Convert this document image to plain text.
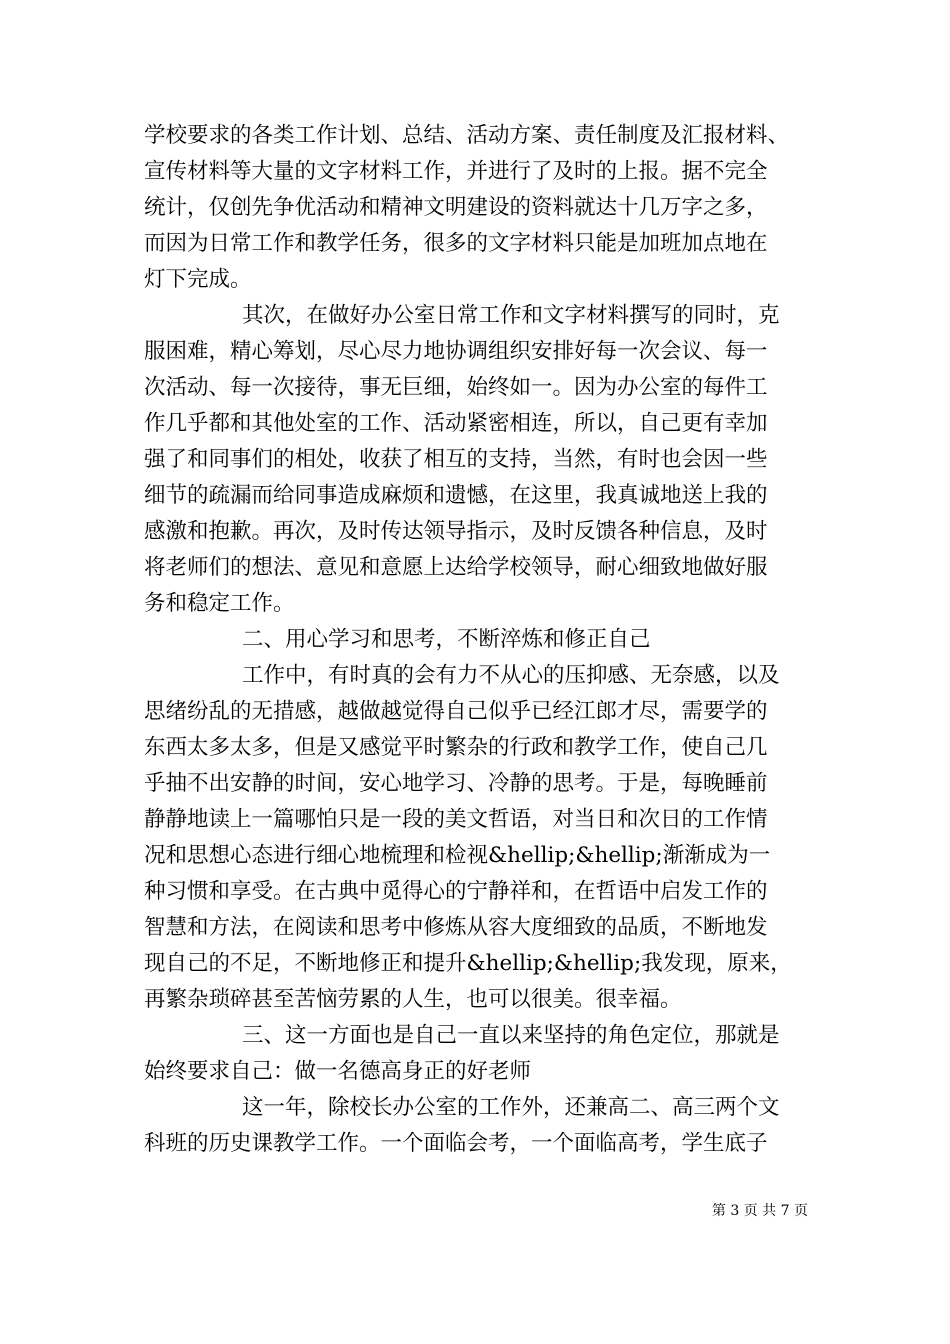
学校要求的各类工作计划、总结、活动方案、责任制度及汇报材料、
宣传材料等大量的文字材料工作，并进行了及时的上报。据不完全
统计，仅创先争优活动和精神文明建设的资料就达十几万字之多，
而因为日常工作和教学任务，很多的文字材料只能是加班加点地在
灯下完成。
其次，在做好办公室日常工作和文字材料撰写的同时，克
服困难，精心筹划，尽心尽力地协调组织安排好每一次会议、每一
次活动、每一次接待，事无巨细，始终如一。因为办公室的每件工
作几乎都和其他处室的工作、活动紧密相连，所以，自己更有幸加
强了和同事们的相处，收获了相互的支持，当然，有时也会因一些
细节的疏漏而给同事造成麻烦和遗憾，在这里，我真诚地送上我的
感激和抱歉。再次，及时传达领导指示，及时反馈各种信息，及时
将老师们的想法、意见和意愿上达给学校领导，耐心细致地做好服
务和稳定工作。
二、用心学习和思考，不断淬炼和修正自己
工作中，有时真的会有力不从心的压抑感、无奈感，以及
思绪纷乱的无措感，越做越觉得自己似乎已经江郎才尽，需要学的
东西太多太多，但是又感觉平时繁杂的行政和教学工作，使自己几
乎抽不出安静的时间，安心地学习、冷静的思考。于是，每晚睡前
静静地读上一篇哪怕只是一段的美文哲语，对当日和次日的工作情
况和思想心态进行细心地梳理和检视&hellip;&hellip;渐渐成为一
种习惯和享受。在古典中觅得心的宁静祥和，在哲语中启发工作的
智慧和方法，在阅读和思考中修炼从容大度细致的品质，不断地发
现自己的不足，不断地修正和提升&hellip;&hellip;我发现，原来，
再繁杂琐碎甚至苦恼劳累的人生，也可以很美。很幸福。
三、这一方面也是自己一直以来坚持的角色定位，那就是
始终要求自己：做一名德高身正的好老师
这一年，除校长办公室的工作外，还兼高二、高三两个文
科班的历史课教学工作。一个面临会考，一个面临高考，学生底子
第 3 页 共 7 页
